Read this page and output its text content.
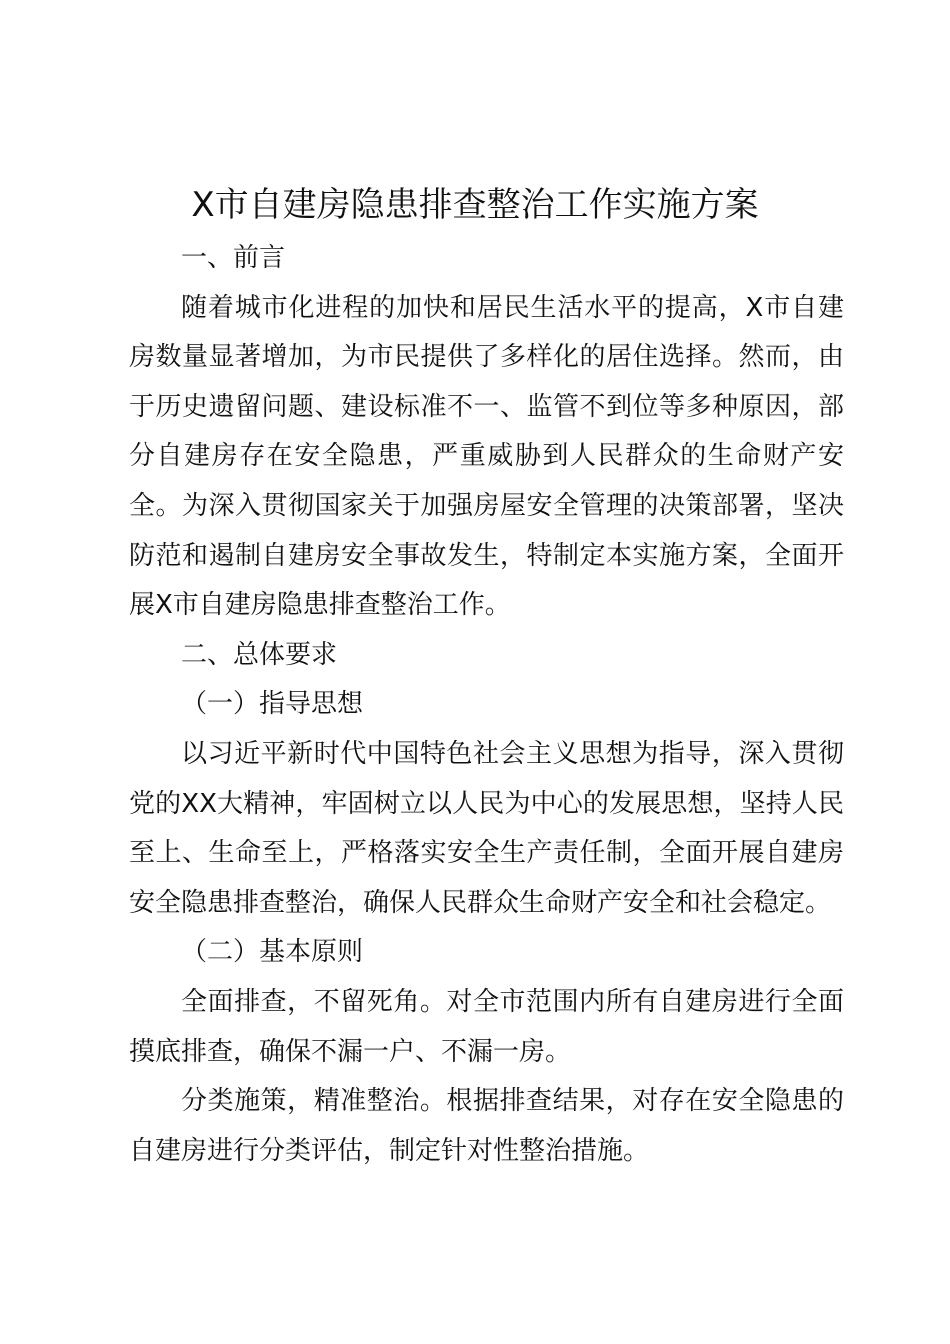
X市自建房隐患排查整治工作实施方案

一、前言

随着城市化进程的加快和居民生活水平的提高，X市自建房数量显著增加，为市民提供了多样化的居住选择。然而，由于历史遗留问题、建设标准不一、监管不到位等多种原因，部分自建房存在安全隐患，严重威胁到人民群众的生命财产安全。为深入贯彻国家关于加强房屋安全管理的决策部署，坚决防范和遏制自建房安全事故发生，特制定本实施方案，全面开展X市自建房隐患排查整治工作。

二、总体要求

（一）指导思想

以习近平新时代中国特色社会主义思想为指导，深入贯彻党的XX大精神，牢固树立以人民为中心的发展思想，坚持人民至上、生命至上，严格落实安全生产责任制，全面开展自建房安全隐患排查整治，确保人民群众生命财产安全和社会稳定。

（二）基本原则

全面排查，不留死角。对全市范围内所有自建房进行全面摸底排查，确保不漏一户、不漏一房。

分类施策，精准整治。根据排查结果，对存在安全隐患的自建房进行分类评估，制定针对性整治措施。
